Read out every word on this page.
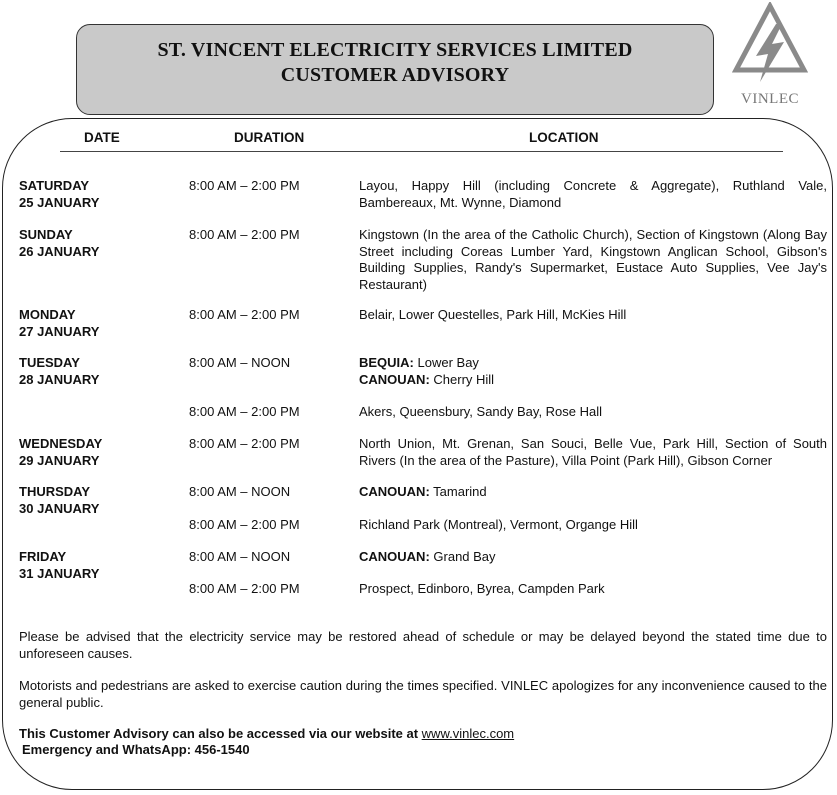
ST. VINCENT ELECTRICITY SERVICES LIMITED
CUSTOMER ADVISORY
VINLEC
DATE	DURATION	LOCATION
SATURDAY
25 JANUARY
8:00 AM – 2:00 PM	Layou, Happy Hill (including Concrete & Aggregate), Ruthland Vale, Bambereaux, Mt. Wynne, Diamond
SUNDAY
26 JANUARY
8:00 AM – 2:00 PM	Kingstown (In the area of the Catholic Church), Section of Kingstown (Along Bay Street including Coreas Lumber Yard, Kingstown Anglican School, Gibson's Building Supplies, Randy's Supermarket, Eustace Auto Supplies, Vee Jay's Restaurant)
MONDAY
27 JANUARY
8:00 AM – 2:00 PM	Belair, Lower Questelles, Park Hill, McKies Hill
TUESDAY
28 JANUARY
8:00 AM – NOON	BEQUIA: Lower Bay
CANOUAN: Cherry Hill
8:00 AM – 2:00 PM	Akers, Queensbury, Sandy Bay, Rose Hall
WEDNESDAY
29 JANUARY
8:00 AM – 2:00 PM	North Union, Mt. Grenan, San Souci, Belle Vue, Park Hill, Section of South Rivers (In the area of the Pasture), Villa Point (Park Hill), Gibson Corner
THURSDAY
30 JANUARY
8:00 AM – NOON	CANOUAN: Tamarind
8:00 AM – 2:00 PM	Richland Park (Montreal), Vermont, Organge Hill
FRIDAY
31 JANUARY
8:00 AM – NOON	CANOUAN: Grand Bay
8:00 AM – 2:00 PM	Prospect, Edinboro, Byrea, Campden Park
Please be advised that the electricity service may be restored ahead of schedule or may be delayed beyond the stated time due to unforeseen causes.
Motorists and pedestrians are asked to exercise caution during the times specified. VINLEC apologizes for any inconvenience caused to the general public.
This Customer Advisory can also be accessed via our website at www.vinlec.com
Emergency and WhatsApp: 456-1540
